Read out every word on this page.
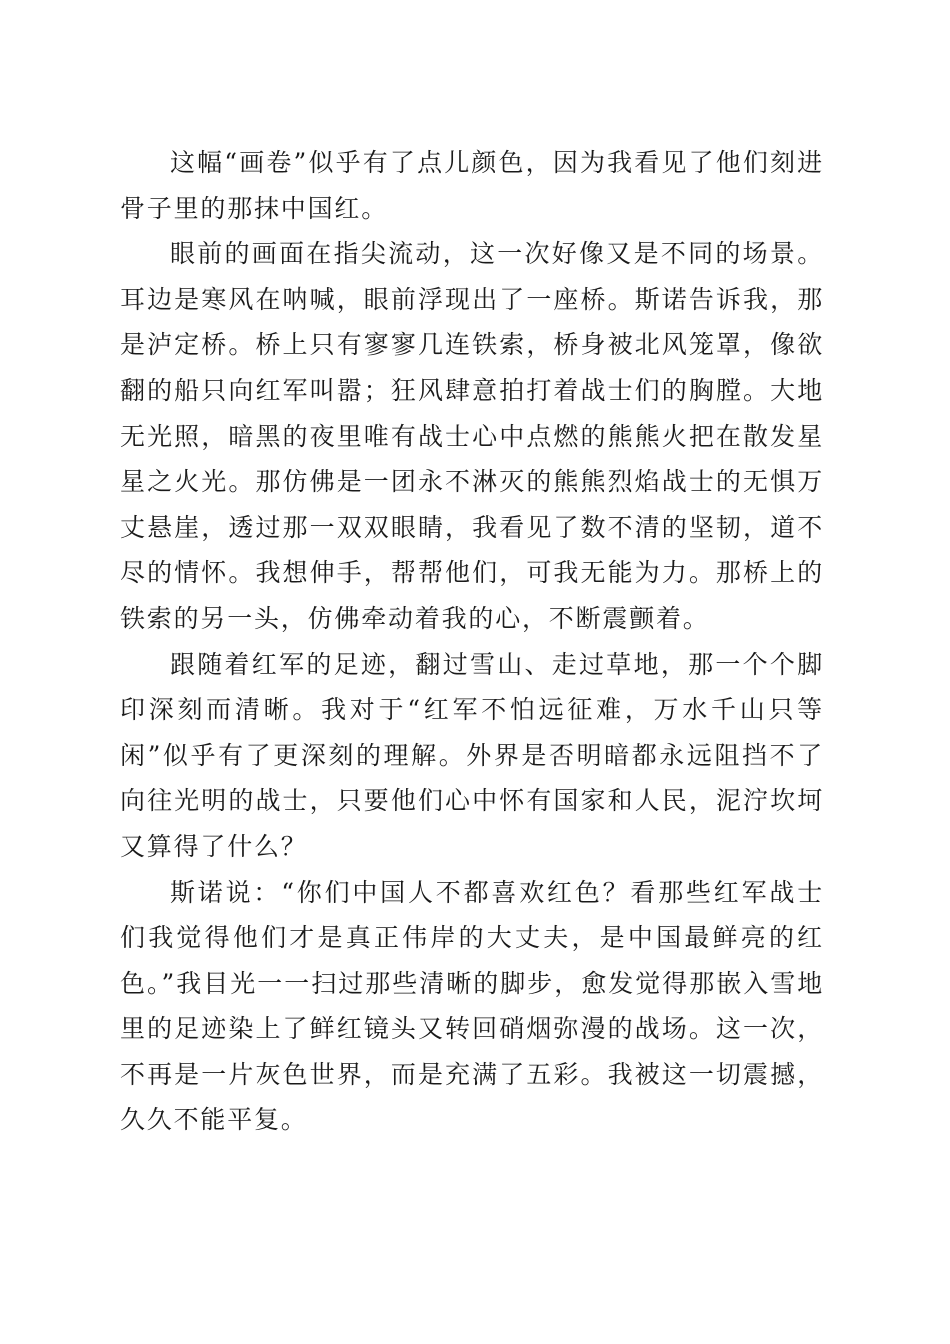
这幅“画卷”似乎有了点儿颜色，因为我看见了他们刻进骨子里的那抹中国红。

眼前的画面在指尖流动，这一次好像又是不同的场景。耳边是寒风在呐喊，眼前浮现出了一座桥。斯诺告诉我，那是泸定桥。桥上只有寥寥几连铁索，桥身被北风笼罩，像欲翻的船只向红军叫嚣；狂风肆意拍打着战士们的胸膛。大地无光照，暗黑的夜里唯有战士心中点燃的熊熊火把在散发星星之火光。那仿佛是一团永不淋灭的熊熊烈焰战士的无惧万丈悬崖，透过那一双双眼睛，我看见了数不清的坚韧，道不尽的情怀。我想伸手，帮帮他们，可我无能为力。那桥上的铁索的另一头，仿佛牵动着我的心，不断震颤着。

跟随着红军的足迹，翻过雪山、走过草地，那一个个脚印深刻而清晰。我对于“红军不怕远征难，万水千山只等闲”似乎有了更深刻的理解。外界是否明暗都永远阻挡不了向往光明的战士，只要他们心中怀有国家和人民，泥泞坎坷又算得了什么？

斯诺说：“你们中国人不都喜欢红色？看那些红军战士们我觉得他们才是真正伟岸的大丈夫，是中国最鲜亮的红色。”我目光一一扫过那些清晰的脚步，愈发觉得那嵌入雪地里的足迹染上了鲜红镜头又转回硝烟弥漫的战场。这一次，不再是一片灰色世界，而是充满了五彩。我被这一切震撼，久久不能平复。
